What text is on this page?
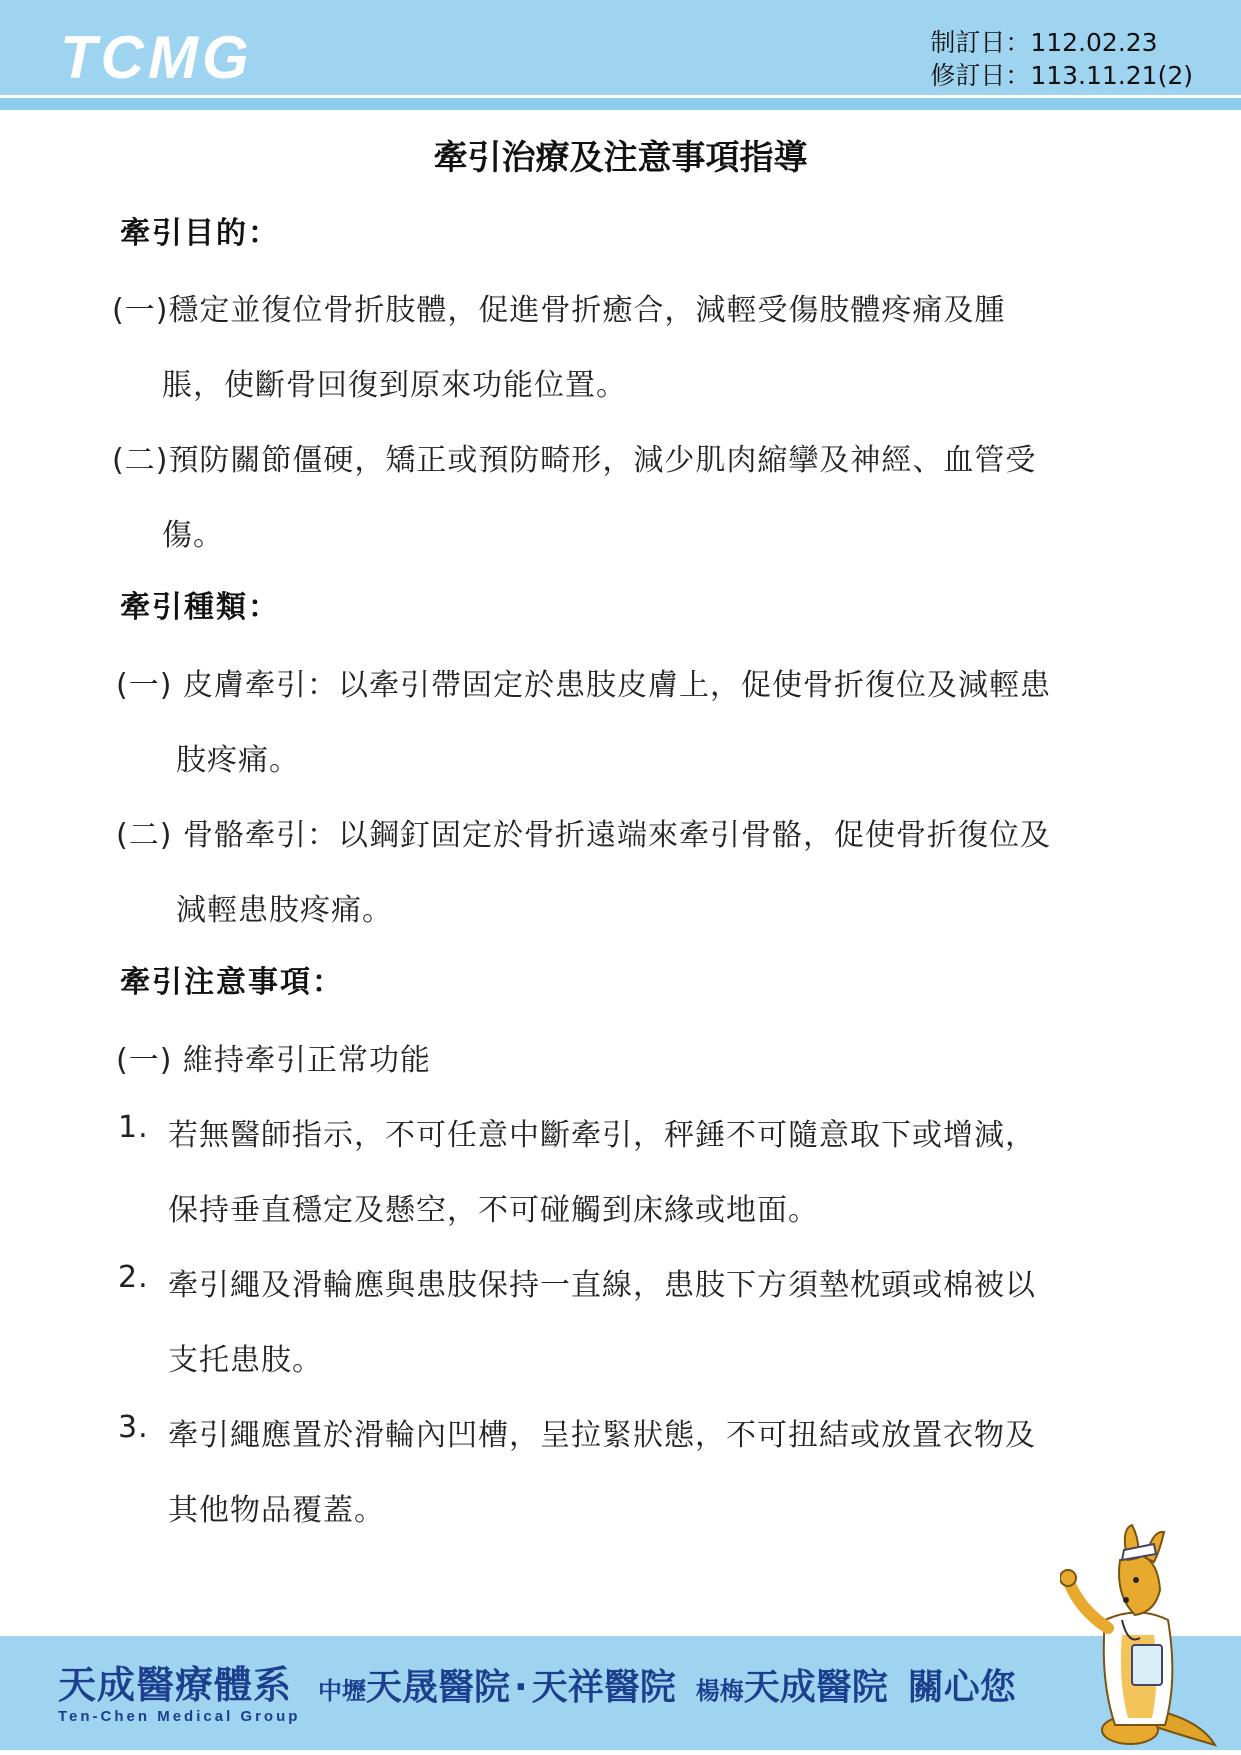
TCMG	制訂日：112.02.23
修訂日：113.11.21(2)
牽引治療及注意事項指導
牽引目的：
(一)穩定並復位骨折肢體，促進骨折癒合，減輕受傷肢體疼痛及腫
脹，使斷骨回復到原來功能位置。
(二)預防關節僵硬，矯正或預防畸形，減少肌肉縮攣及神經、血管受
傷。
牽引種類：
(一) 皮膚牽引：以牽引帶固定於患肢皮膚上，促使骨折復位及減輕患
肢疼痛。
(二) 骨骼牽引：以鋼釘固定於骨折遠端來牽引骨骼，促使骨折復位及
減輕患肢疼痛。
牽引注意事項：
(一) 維持牽引正常功能
1. 若無醫師指示，不可任意中斷牽引，秤錘不可隨意取下或增減，
保持垂直穩定及懸空，不可碰觸到床緣或地面。
2. 牽引繩及滑輪應與患肢保持一直線，患肢下方須墊枕頭或棉被以
支托患肢。
3. 牽引繩應置於滑輪內凹槽，呈拉緊狀態，不可扭結或放置衣物及
其他物品覆蓋。
天成醫療體系
Ten-Chen Medical Group
中壢天晟醫院 · 天祥醫院 楊梅天成醫院 關心您
